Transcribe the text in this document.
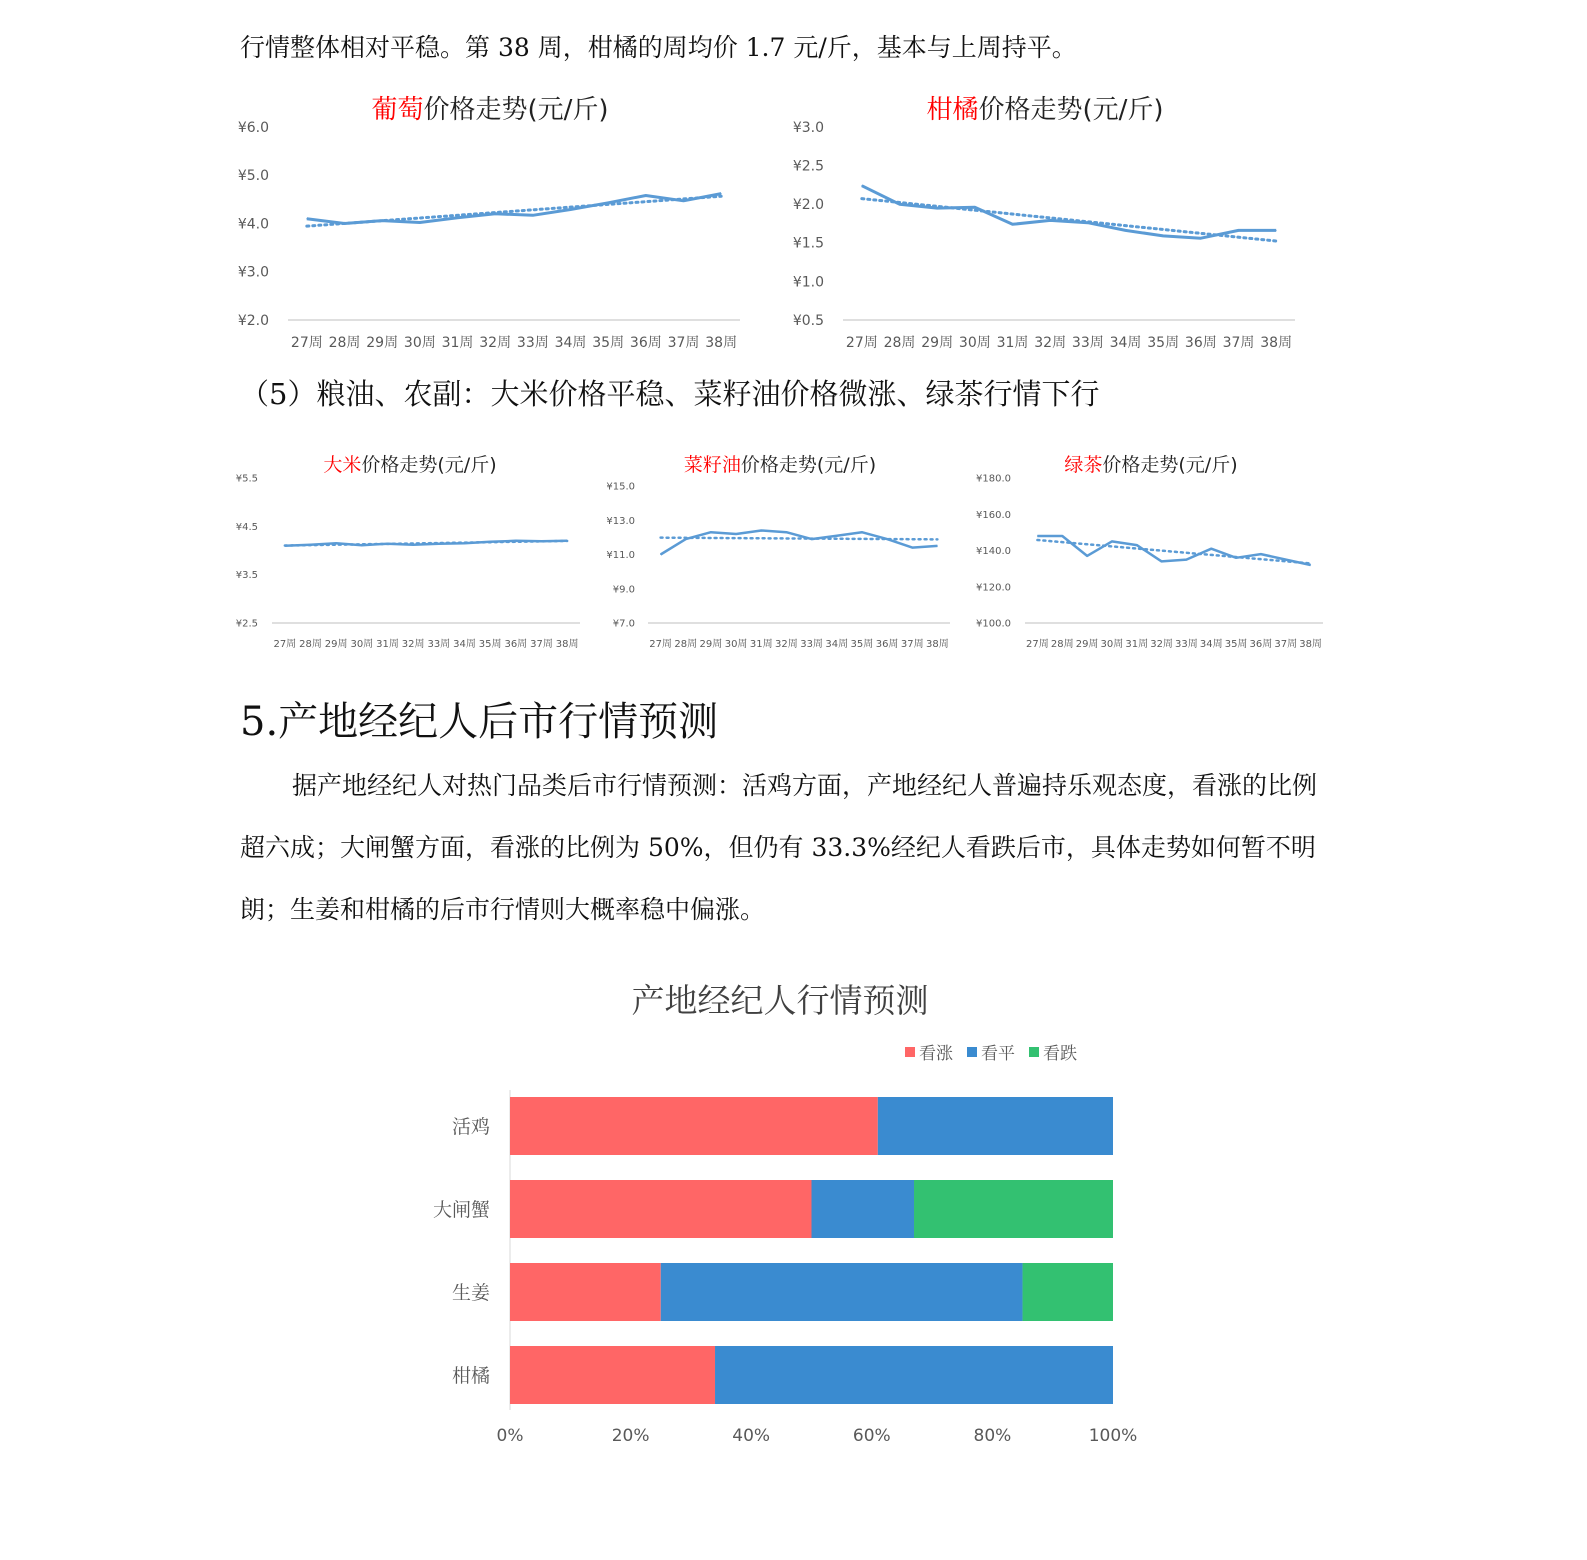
行情整体相对平稳。第 38 周，柑橘的周均价 1.7 元/斤，基本与上周持平。
葡萄价格走势(元/斤)
¥2.0
¥3.0
¥4.0
¥5.0
¥6.0
27周 28周 29周 30周 31周 32周 33周 34周 35周 36周 37周 38周
柑橘价格走势(元/斤)
¥0.5
¥1.0
¥1.5
¥2.0
¥2.5
¥3.0
27周 28周 29周 30周 31周 32周 33周 34周 35周 36周 37周 38周
（5）粮油、农副：大米价格平稳、菜籽油价格微涨、绿茶行情下行
大米价格走势(元/斤)
¥2.5
¥3.5
¥4.5
¥5.5
27周 28周 29周 30周 31周 32周 33周 34周 35周 36周 37周 38周
菜籽油价格走势(元/斤)
¥7.0
¥9.0
¥11.0
¥13.0
¥15.0
27周 28周 29周 30周 31周 32周 33周 34周 35周 36周 37周 38周
绿茶价格走势(元/斤)
¥100.0
¥120.0
¥140.0
¥160.0
¥180.0
27周 28周 29周 30周 31周 32周 33周 34周 35周 36周 37周 38周
5.产地经纪人后市行情预测

据产地经纪人对热门品类后市行情预测：活鸡方面，产地经纪人普遍持乐观态度，看涨的比例超六成；大闸蟹方面，看涨的比例为 50%，但仍有 33.3%经纪人看跌后市，具体走势如何暂不明朗；生姜和柑橘的后市行情则大概率稳中偏涨。

产地经纪人行情预测
看涨 看平 看跌
活鸡
大闸蟹
生姜
柑橘
0%	20%	40%	60%	80%	100%
